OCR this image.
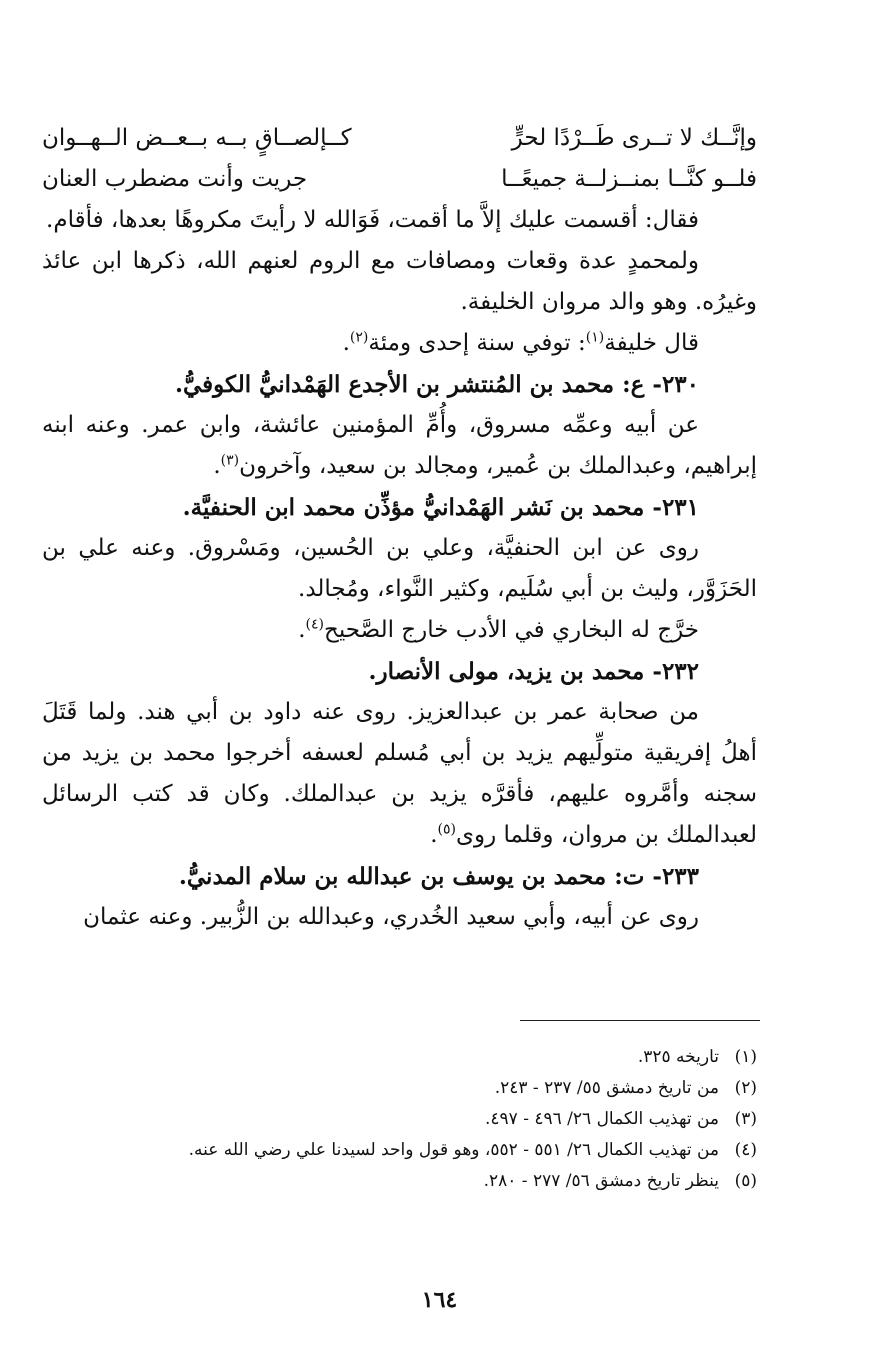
وإنَّــك لا تــرى طَــرْدًا لحرٍّ
كــإلصــاقٍ بــه بــعــض الــهــوان
فلــو كنَّــا بمنــزلــة جميعًــا
جريت وأنت مضطرب العنان

فقال: أقسمت عليك إلاَّ ما أقمت، فَوَالله لا رأيتَ مكروهًا بعدها، فأقام.

ولمحمدٍ عدة وقعات ومصافات مع الروم لعنهم الله، ذكرها ابن عائذ وغيرُه. وهو والد مروان الخليفة.

قال خليفة$^{(١)}$: توفي سنة إحدى ومئة$^{(٢)}$.

٢٣٠- ع: محمد بن المُنتشر بن الأجدع الهَمْدانيُّ الكوفيُّ.

عن أبيه وعمِّه مسروق، وأُمِّ المؤمنين عائشة، وابن عمر. وعنه ابنه إبراهيم، وعبدالملك بن عُمير، ومجالد بن سعيد، وآخرون$^{(٣)}$.

٢٣١- محمد بن نَشر الهَمْدانيُّ مؤذِّن محمد ابن الحنفيَّة.

روى عن ابن الحنفيَّة، وعلي بن الحُسين، ومَسْروق. وعنه علي بن الحَزَوَّر، وليث بن أبي سُلَيم، وكثير النَّواء، ومُجالد.

خرَّج له البخاري في الأدب خارج الصَّحيح$^{(٤)}$.

٢٣٢- محمد بن يزيد، مولى الأنصار.

من صحابة عمر بن عبدالعزيز. روى عنه داود بن أبي هند. ولما قَتَلَ أهلُ إفريقية متولِّيهم يزيد بن أبي مُسلم لعسفه أخرجوا محمد بن يزيد من سجنه وأمَّروه عليهم، فأقرَّه يزيد بن عبدالملك. وكان قد كتب الرسائل لعبدالملك بن مروان، وقلما روى$^{(٥)}$.

٢٣٣- ت: محمد بن يوسف بن عبدالله بن سلام المدنيُّ.

روى عن أبيه، وأبي سعيد الخُدري، وعبدالله بن الزُّبير. وعنه عثمان

(١)تاريخه ٣٢٥.
(٢)من تاريخ دمشق ٥٥/ ٢٣٧ - ٢٤٣.
(٣)من تهذيب الكمال ٢٦/ ٤٩٦ - ٤٩٧.
(٤)من تهذيب الكمال ٢٦/ ٥٥١ - ٥٥٢، وهو قول واحد لسيدنا علي رضي الله عنه.
(٥)ينظر تاريخ دمشق ٥٦/ ٢٧٧ - ٢٨٠.
١٦٤
